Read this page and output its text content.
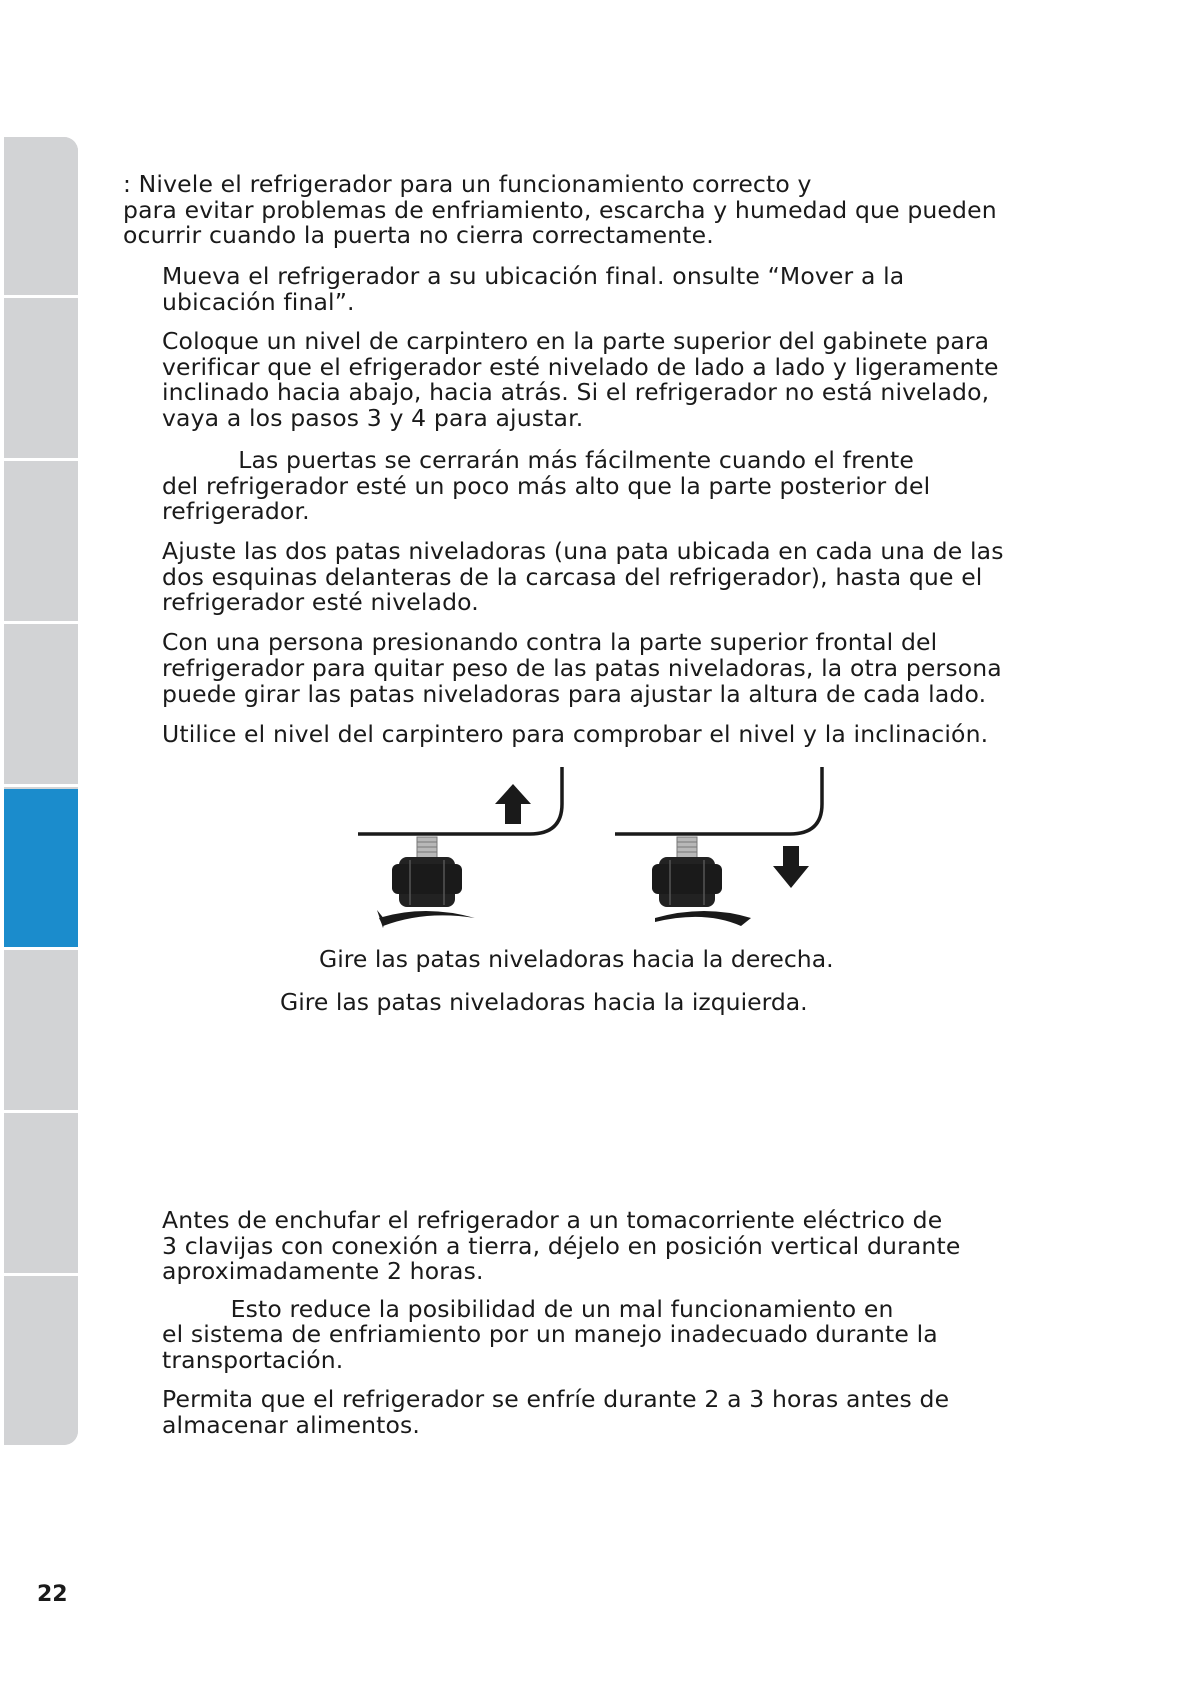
: Nivele el refrigerador para un funcionamiento correcto y

para evitar problemas de enfriamiento, escarcha y humedad que pueden

ocurrir cuando la puerta no cierra correctamente.

Mueva el refrigerador a su ubicación final. onsulte “Mover a la

ubicación final”.

Coloque un nivel de carpintero en la parte superior del gabinete para

verificar que el efrigerador esté nivelado de lado a lado y ligeramente

inclinado hacia abajo, hacia atrás. Si el refrigerador no está nivelado,

vaya a los pasos 3 y 4 para ajustar.

Las puertas se cerrarán más fácilmente cuando el frente

del refrigerador esté un poco más alto que la parte posterior del

refrigerador.

Ajuste las dos patas niveladoras (una pata ubicada en cada una de las

dos esquinas delanteras de la carcasa del refrigerador), hasta que el

refrigerador esté nivelado.

Con una persona presionando contra la parte superior frontal del

refrigerador para quitar peso de las patas niveladoras, la otra persona

puede girar las patas niveladoras para ajustar la altura de cada lado.

Utilice el nivel del carpintero para comprobar el nivel y la inclinación.

Gire las patas niveladoras hacia la derecha.

Gire las patas niveladoras hacia la izquierda.

Antes de enchufar el refrigerador a un tomacorriente eléctrico de

3 clavijas con conexión a tierra, déjelo en posición vertical durante

aproximadamente 2 horas.

Esto reduce la posibilidad de un mal funcionamiento en

el sistema de enfriamiento por un manejo inadecuado durante la

transportación.

Permita que el refrigerador se enfríe durante 2 a 3 horas antes de

almacenar alimentos.

22
